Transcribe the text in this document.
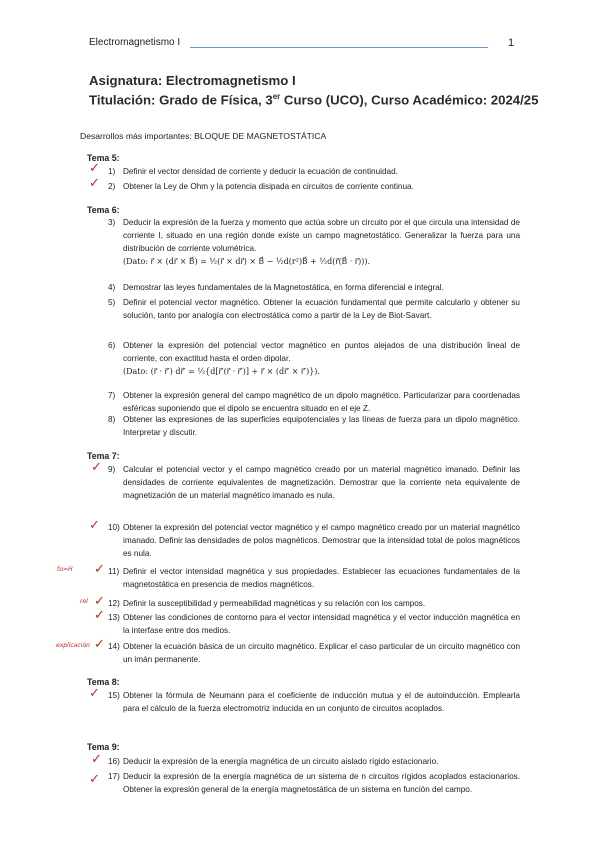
Electromagnetismo I	1
Asignatura: Electromagnetismo I
Titulación: Grado de Física, 3er Curso (UCO), Curso Académico: 2024/25
Desarrollos más importantes: BLOQUE DE MAGNETOSTÁTICA
Tema 5:
1) Definir el vector densidad de corriente y deducir la ecuación de continuidad.
2) Obtener la Ley de Ohm y la potencia disipada en circuitos de corriente continua.
Tema 6:
3) Deducir la expresión de la fuerza y momento que actúa sobre un circuito por el que circula una intensidad de corriente I, situado en una región donde existe un campo magnetostático. Generalizar la fuerza para una distribución de corriente volumétrica.
(Dato: r⃗ × (dr⃗ × B⃗) = ½(r⃗ × dr⃗) × B⃗ − ½d(r²)B⃗ + ½d(r⃗(B⃗ · r⃗))).
4) Demostrar las leyes fundamentales de la Magnetostática, en forma diferencial e integral.
5) Definir el potencial vector magnético. Obtener la ecuación fundamental que permite calcularlo y obtener su solución, tanto por analogía con electrostática como a partir de la Ley de Biot-Savart.
6) Obtener la expresión del potencial vector magnético en puntos alejados de una distribución lineal de corriente, con exactitud hasta el orden dipolar.
(Dato: (r⃗ · r⃗′) dr⃗′ = ½{d[r⃗′(r⃗ · r⃗′)] + r⃗ × (dr⃗′ × r⃗′)}).
7) Obtener la expresión general del campo magnético de un dipolo magnético. Particularizar para coordenadas esféricas suponiendo que el dipolo se encuentra situado en el eje Z.
8) Obtener las expresiones de las superficies equipotenciales y las líneas de fuerza para un dipolo magnético. Interpretar y discutir.
Tema 7:
9) Calcular el potencial vector y el campo magnético creado por un material magnético imanado. Definir las densidades de corriente equivalentes de magnetización. Demostrar que la corriente neta equivalente de magnetización de un material magnético imanado es nula.
10) Obtener la expresión del potencial vector magnético y el campo magnético creado por un material magnético imanado. Definir las densidades de polos magnéticos. Demostrar que la intensidad total de polos magnéticos es nula.
11) Definir el vector intensidad magnética y sus propiedades. Establecer las ecuaciones fundamentales de la magnetostática en presencia de medios magnéticos.
12) Definir la susceptibilidad y permeabilidad magnéticas y su relación con los campos.
13) Obtener las condiciones de contorno para el vector intensidad magnética y el vector inducción magnética en la interfase entre dos medios.
14) Obtener la ecuación básica de un circuito magnético. Explicar el caso particular de un circuito magnético con un imán permanente.
Tema 8:
15) Obtener la fórmula de Neumann para el coeficiente de inducción mutua y el de autoinducción. Emplearla para el cálculo de la fuerza electromotriz inducida en un conjunto de circuitos acoplados.
Tema 9:
16) Deducir la expresión de la energía magnética de un circuito aislado rígido estacionario.
17) Deducir la expresión de la energía magnética de un sistema de n circuitos rígidos acoplados estacionarios. Obtener la expresión general de la energía magnetostática de un sistema en función del campo.
✓
✓
✓
✓
ṫu̇=Ḣ ✓
rel ✓
✓
explicación ✓
✓
✓
✓
